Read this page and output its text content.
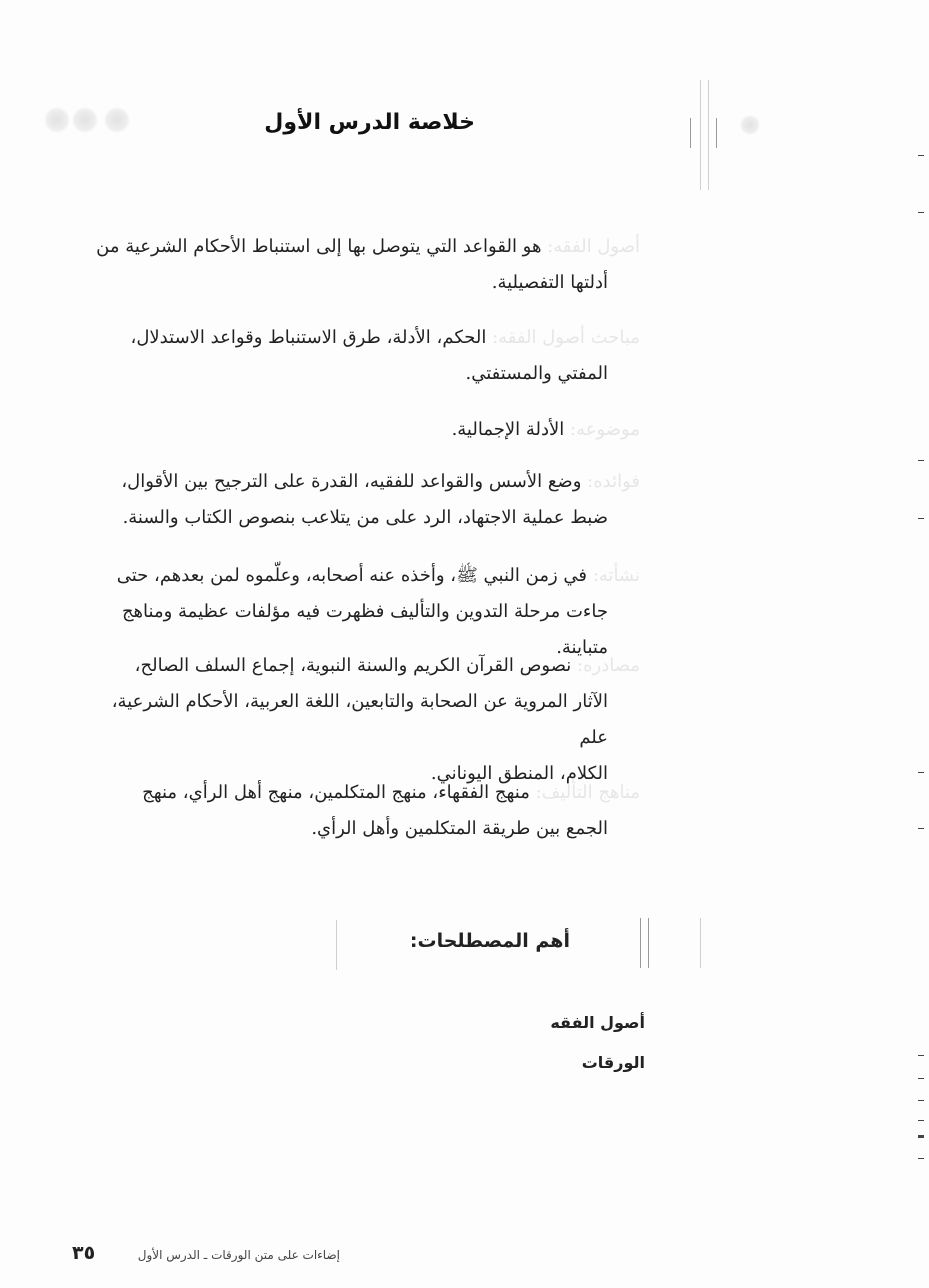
خلاصة الدرس الأول
أصول الفقه: هو القواعد التي يتوصل بها إلى استنباط الأحكام الشرعية من
أدلتها التفصيلية.
مباحث أصول الفقه: الحكم، الأدلة، طرق الاستنباط وقواعد الاستدلال،
المفتي والمستفتي.
موضوعه: الأدلة الإجمالية.
فوائده: وضع الأسس والقواعد للفقيه، القدرة على الترجيح بين الأقوال،
ضبط عملية الاجتهاد، الرد على من يتلاعب بنصوص الكتاب والسنة.
نشأته: في زمن النبي ﷺ، وأخذه عنه أصحابه، وعلّموه لمن بعدهم، حتى
جاءت مرحلة التدوين والتأليف فظهرت فيه مؤلفات عظيمة ومناهج متباينة.
مصادره: نصوص القرآن الكريم والسنة النبوية، إجماع السلف الصالح،
الآثار المروية عن الصحابة والتابعين، اللغة العربية، الأحكام الشرعية، علم
الكلام، المنطق اليوناني.
مناهج التأليف: منهج الفقهاء، منهج المتكلمين، منهج أهل الرأي، منهج
الجمع بين طريقة المتكلمين وأهل الرأي.
أهم المصطلحات:
أصول الفقه
الورقات
٣٥	إضاءات على متن الورقات ـ الدرس الأول
